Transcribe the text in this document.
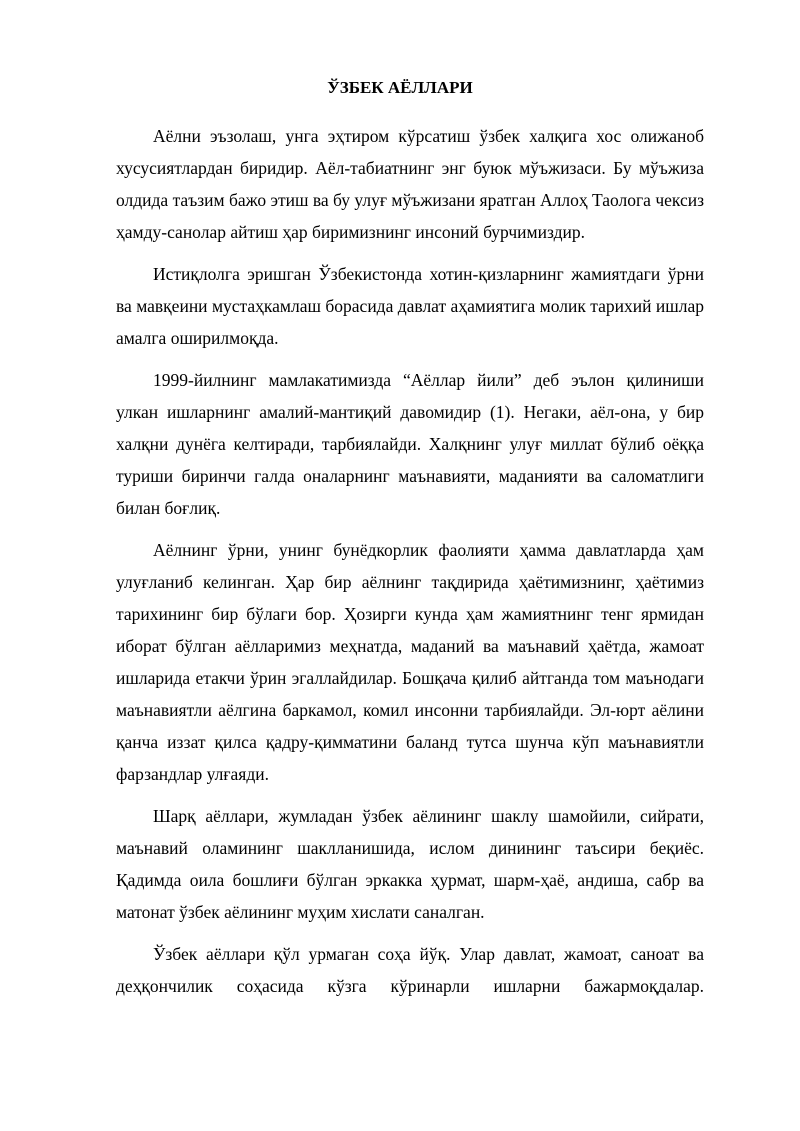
ЎЗБЕК АЁЛЛАРИ

Аёлни эъзолаш, унга эҳтиром кўрсатиш ўзбек халқига хос олижаноб хусусиятлардан биридир. Аёл-табиатнинг энг буюк мўъжизаси. Бу мўъжиза олдида таъзим бажо этиш ва бу улуғ мўъжизани яратган Аллоҳ Таолога чексиз ҳамду-санолар айтиш ҳар биримизнинг инсоний бурчимиздир.

Истиқлолга эришган Ўзбекистонда хотин-қизларнинг жамиятдаги ўрни ва мавқеини мустаҳкамлаш борасида давлат аҳамиятига молик тарихий ишлар амалга оширилмоқда.

1999-йилнинг мамлакатимизда “Аёллар йили” деб эълон қилиниши улкан ишларнинг амалий-мантиқий давомидир (1). Негаки, аёл-она, у бир халқни дунёга келтиради, тарбиялайди. Халқнинг улуғ миллат бўлиб оёққа туриши биринчи галда оналарнинг маънавияти, маданияти ва саломатлиги билан боғлиқ.

Аёлнинг ўрни, унинг бунёдкорлик фаолияти ҳамма давлатларда ҳам улуғланиб келинган. Ҳар бир аёлнинг тақдирида ҳаётимизнинг, ҳаётимиз тарихининг бир бўлаги бор. Ҳозирги кунда ҳам жамиятнинг тенг ярмидан иборат бўлган аёлларимиз меҳнатда, маданий ва маънавий ҳаётда, жамоат ишларида етакчи ўрин эгаллайдилар. Бошқача қилиб айтганда том маънодаги маънавиятли аёлгина баркамол, комил инсонни тарбиялайди. Эл-юрт аёлини қанча иззат қилса қадру-қимматини баланд тутса шунча кўп маънавиятли фарзандлар улғаяди.

Шарқ аёллари, жумладан ўзбек аёлининг шаклу шамойили, сийрати, маънавий оламининг шаклланишида, ислом динининг таъсири беқиёс. Қадимда оила бошлиғи бўлган эркакка ҳурмат, шарм-ҳаё, андиша, сабр ва матонат ўзбек аёлининг муҳим хислати саналган.

Ўзбек аёллари қўл урмаган соҳа йўқ. Улар давлат, жамоат, саноат ва деҳқончилик соҳасида кўзга кўринарли ишларни бажармоқдалар.
